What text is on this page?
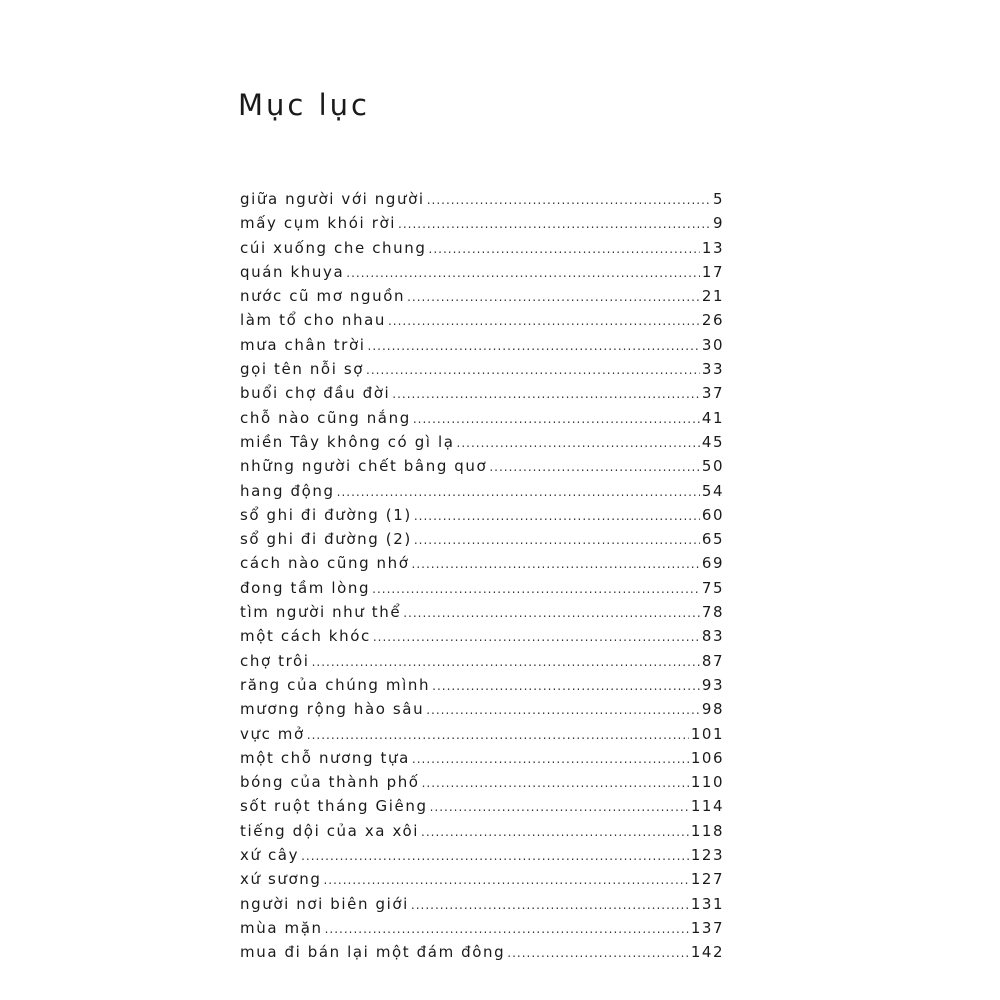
Mục lục
giữa người với người .....	5
mấy cụm khói rời .....	9
cúi xuống che chung .....	13
quán khuya .....	17
nước cũ mơ nguồn .....	21
làm tổ cho nhau .....	26
mưa chân trời .....	30
gọi tên nỗi sợ .....	33
buổi chợ đầu đời .....	37
chỗ nào cũng nắng .....	41
miền Tây không có gì lạ .....	45
những người chết bâng quơ .....	50
hang động .....	54
sổ ghi đi đường (1) .....	60
sổ ghi đi đường (2) .....	65
cách nào cũng nhớ .....	69
đong tầm lòng .....	75
tìm người như thể .....	78
một cách khóc .....	83
chợ trôi .....	87
răng của chúng mình .....	93
mương rộng hào sâu .....	98
vực mở .....	101
một chỗ nương tựa .....	106
bóng của thành phố .....	110
sốt ruột tháng Giêng .....	114
tiếng dội của xa xôi .....	118
xứ cây .....	123
xứ sương .....	127
người nơi biên giới .....	131
mùa mặn .....	137
mua đi bán lại một đám đông .....	142
